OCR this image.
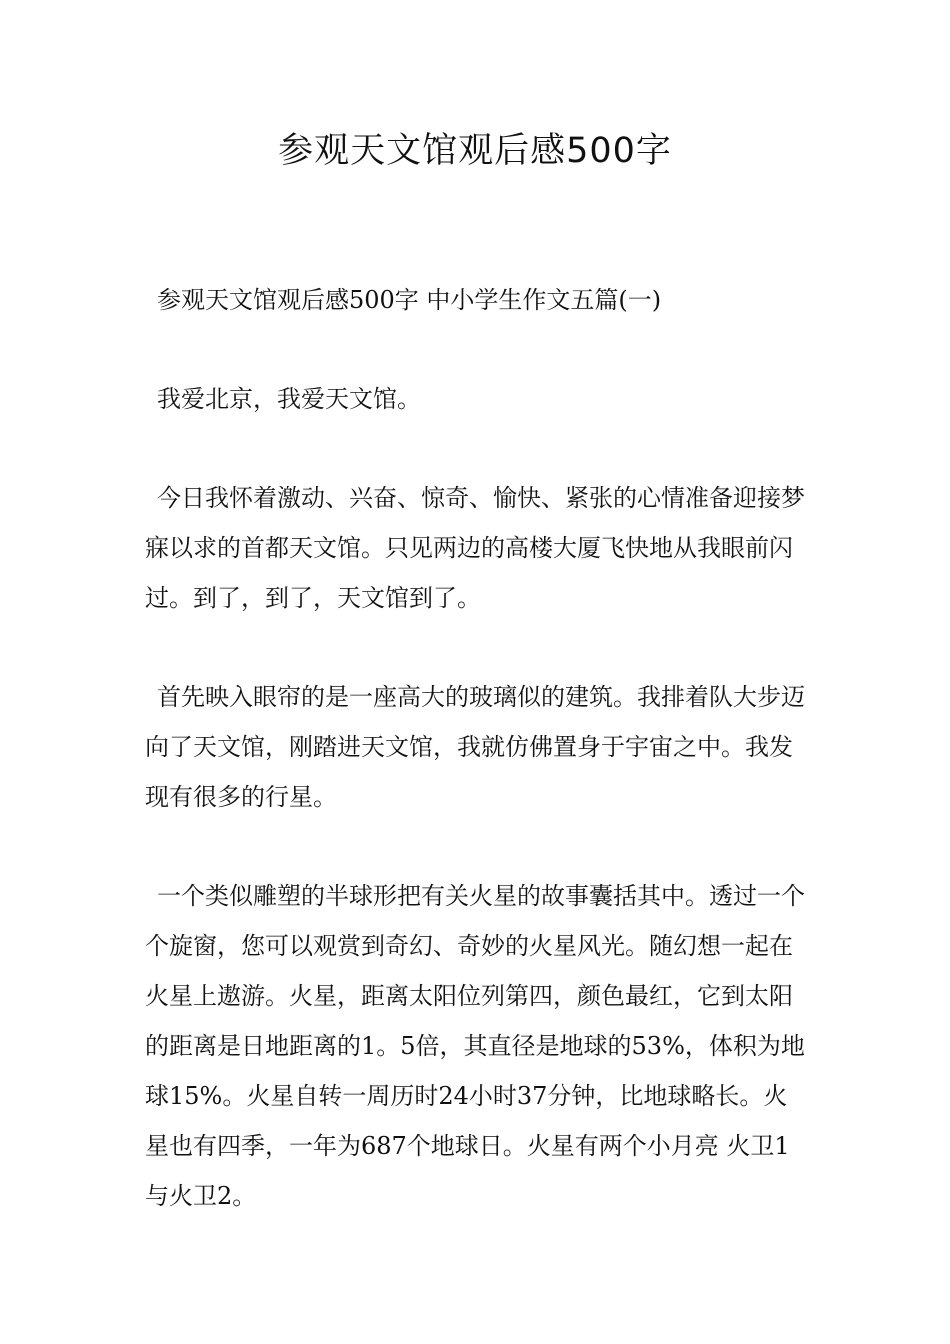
参观天文馆观后感500字

参观天文馆观后感500字 中小学生作文五篇(一)

我爱北京，我爱天文馆。

今日我怀着激动、兴奋、惊奇、愉快、紧张的心情准备迎接梦寐以求的首都天文馆。只见两边的高楼大厦飞快地从我眼前闪过。到了，到了，天文馆到了。

首先映入眼帘的是一座高大的玻璃似的建筑。我排着队大步迈向了天文馆，刚踏进天文馆，我就仿佛置身于宇宙之中。我发现有很多的行星。

一个类似雕塑的半球形把有关火星的故事囊括其中。透过一个个旋窗，您可以观赏到奇幻、奇妙的火星风光。随幻想一起在火星上遨游。火星，距离太阳位列第四，颜色最红，它到太阳的距离是日地距离的1。5倍，其直径是地球的53%，体积为地球15%。火星自转一周历时24小时37分钟，比地球略长。火星也有四季，一年为687个地球日。火星有两个小月亮 火卫1与火卫2。
